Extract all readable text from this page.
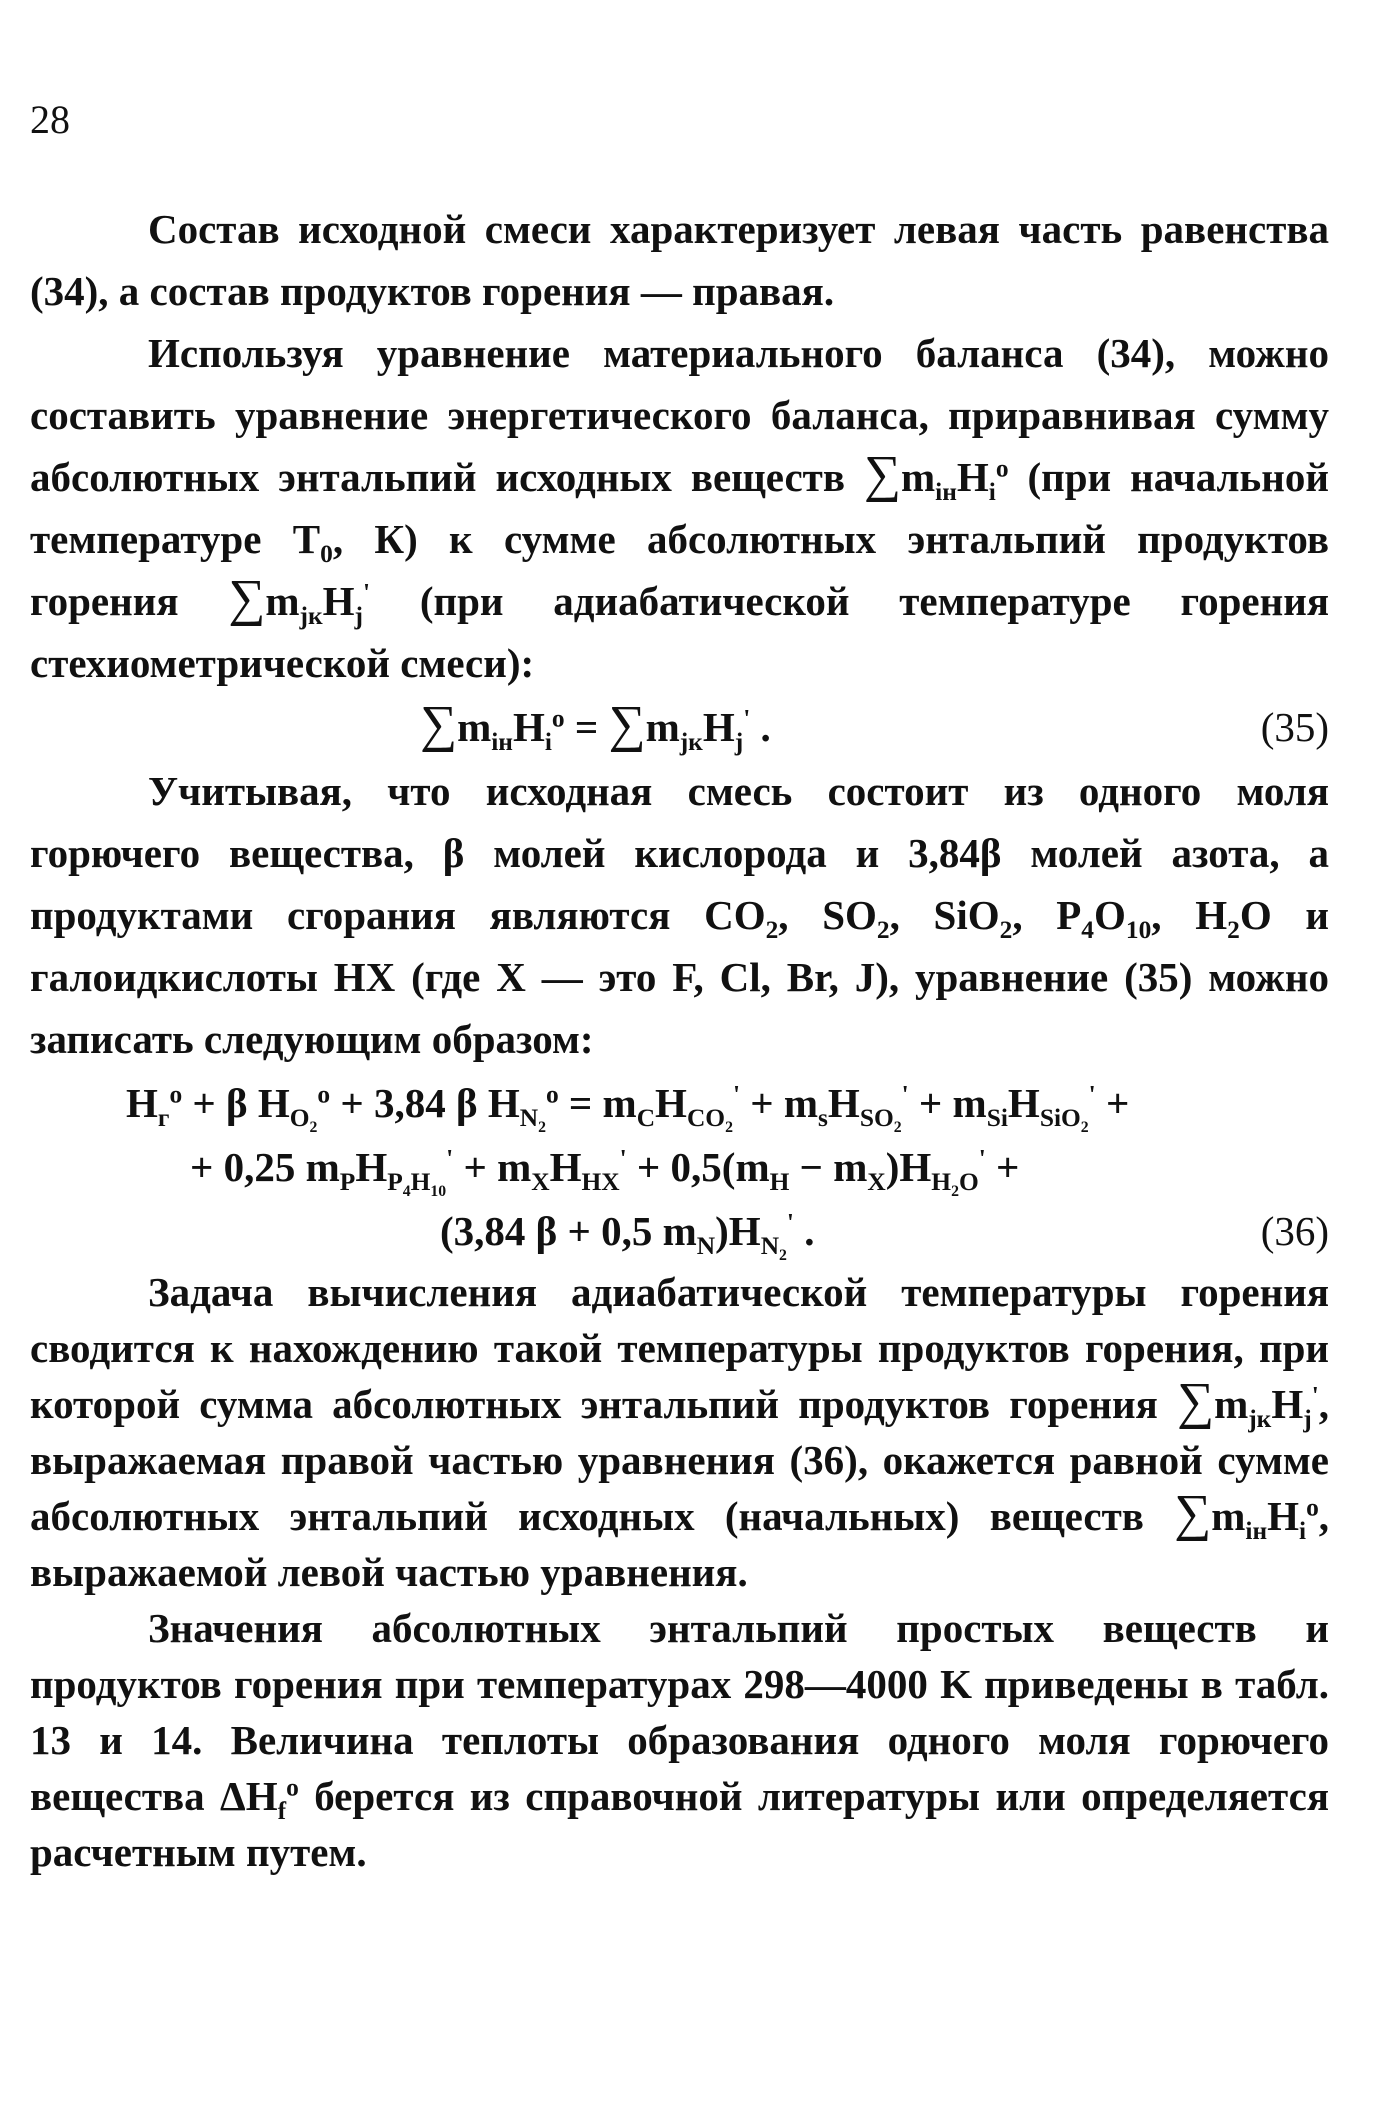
28

Состав исходной смеси характеризует левая часть равенства (34), а состав продуктов горения — правая.

Используя уравнение материального баланса (34), можно составить уравнение энергетического баланса, приравнивая сумму абсолютных энтальпий исходных веществ $\sum m_{iн}H_i^o$ (при начальной температуре $T_0$, К) к сумме абсолютных энтальпий продуктов горения $\sum m_{jк}H_j'$ (при адиабатической температуре горения стехиометрической смеси):

$\sum m_{iн}H_i^o = \sum m_{jк}H_j'$ .	(35)

Учитывая, что исходная смесь состоит из одного моля горючего вещества, β молей кислорода и 3,84β молей азота, а продуктами сгорания являются $CO_2$, $SO_2$, SiO$_2$, $P_4O_{10}$, $H_2O$ и галоидкислоты HX (где X — это F, Cl, Br, J), уравнение (35) можно записать следующим образом:

$H_г^o + \beta$ $H_{O_2}^o + 3,84$ β $H_{N_2}^o = m_CH_{CO_2}' + m_sH_{SO_2}' + m_{Si}H_{SiO_2}'$ +
+ 0,25 $m_PH_{P_4H_{10}}' + m_XH_{HX}' + 0,5(m_H - m_X)H_{H_2O}'$ +
(3,84 β + 0,5 $m_N)H_{N_2}'$ .	(36)

Задача вычисления адиабатической температуры горения сводится к нахождению такой температуры продуктов горения, при которой сумма абсолютных энтальпий продуктов горения $\sum m_{jк}H_j'$, выражаемая правой частью уравнения (36), окажется равной сумме абсолютных энтальпий исходных (начальных) веществ $\sum m_{iн}H_i^o$, выражаемой левой частью уравнения.

Значения абсолютных энтальпий простых веществ и продуктов горения при температурах 298—4000 K приведены в табл. 13 и 14. Величина теплоты образования одного моля горючего вещества $\Delta H_f^o$ берется из справочной литературы или определяется расчетным путем.
